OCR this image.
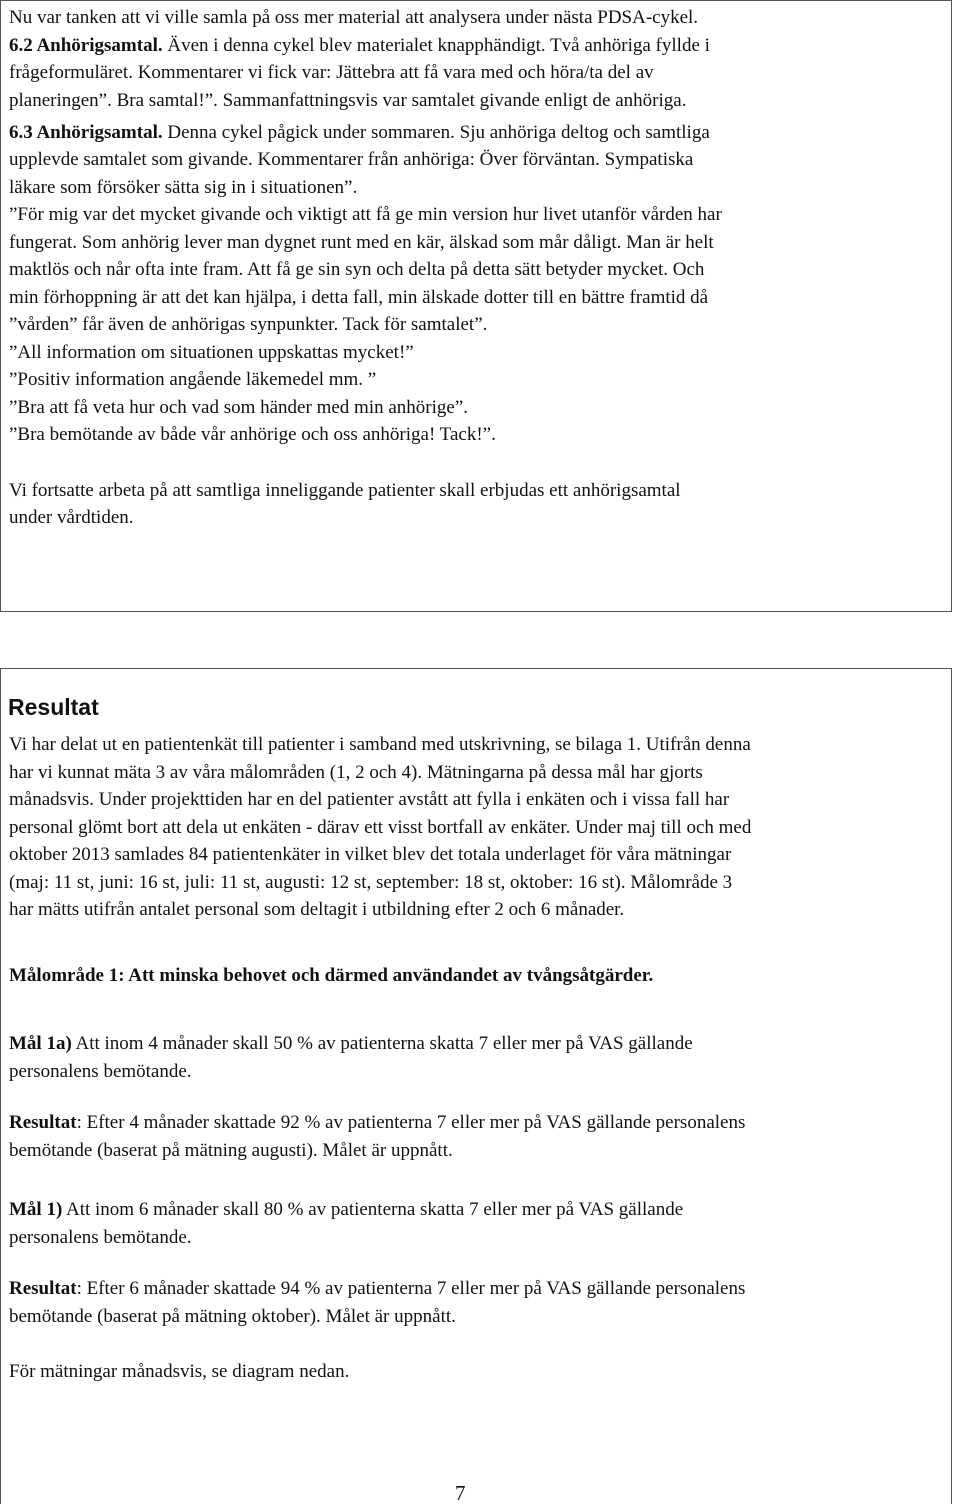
Nu var tanken att vi ville samla på oss mer material att analysera under nästa PDSA-cykel.
6.2 Anhörigsamtal. Även i denna cykel blev materialet knapphändigt. Två anhöriga fyllde i
frågeformuläret. Kommentarer vi fick var: Jättebra att få vara med och höra/ta del av
planeringen”. Bra samtal!”. Sammanfattningsvis var samtalet givande enligt de anhöriga.
6.3 Anhörigsamtal. Denna cykel pågick under sommaren. Sju anhöriga deltog och samtliga
upplevde samtalet som givande. Kommentarer från anhöriga: Över förväntan. Sympatiska
läkare som försöker sätta sig in i situationen”.
”För mig var det mycket givande och viktigt att få ge min version hur livet utanför vården har
fungerat. Som anhörig lever man dygnet runt med en kär, älskad som mår dåligt. Man är helt
maktlös och når ofta inte fram. Att få ge sin syn och delta på detta sätt betyder mycket. Och
min förhoppning är att det kan hjälpa, i detta fall, min älskade dotter till en bättre framtid då
”vården” får även de anhörigas synpunkter. Tack för samtalet”.
”All information om situationen uppskattas mycket!”
”Positiv information angående läkemedel mm. ”
”Bra att få veta hur och vad som händer med min anhörige”.
”Bra bemötande av både vår anhörige och oss anhöriga! Tack!”.
Vi fortsatte arbeta på att samtliga inneliggande patienter skall erbjudas ett anhörigsamtal
under vårdtiden.
Resultat
Vi har delat ut en patientenkät till patienter i samband med utskrivning, se bilaga 1. Utifrån denna
har vi kunnat mäta 3 av våra målområden (1, 2 och 4). Mätningarna på dessa mål har gjorts
månadsvis. Under projekttiden har en del patienter avstått att fylla i enkäten och i vissa fall har
personal glömt bort att dela ut enkäten - därav ett visst bortfall av enkäter. Under maj till och med
oktober 2013 samlades 84 patientenkäter in vilket blev det totala underlaget för våra mätningar
(maj: 11 st, juni: 16 st, juli: 11 st, augusti: 12 st, september: 18 st, oktober: 16 st). Målområde 3
har mätts utifrån antalet personal som deltagit i utbildning efter 2 och 6 månader.
Målområde 1: Att minska behovet och därmed användandet av tvångsåtgärder.
Mål 1a) Att inom 4 månader skall 50 % av patienterna skatta 7 eller mer på VAS gällande
personalens bemötande.
Resultat: Efter 4 månader skattade 92 % av patienterna 7 eller mer på VAS gällande personalens
bemötande (baserat på mätning augusti). Målet är uppnått.
Mål 1) Att inom 6 månader skall 80 % av patienterna skatta 7 eller mer på VAS gällande
personalens bemötande.
Resultat: Efter 6 månader skattade 94 % av patienterna 7 eller mer på VAS gällande personalens
bemötande (baserat på mätning oktober). Målet är uppnått.
För mätningar månadsvis, se diagram nedan.
7
